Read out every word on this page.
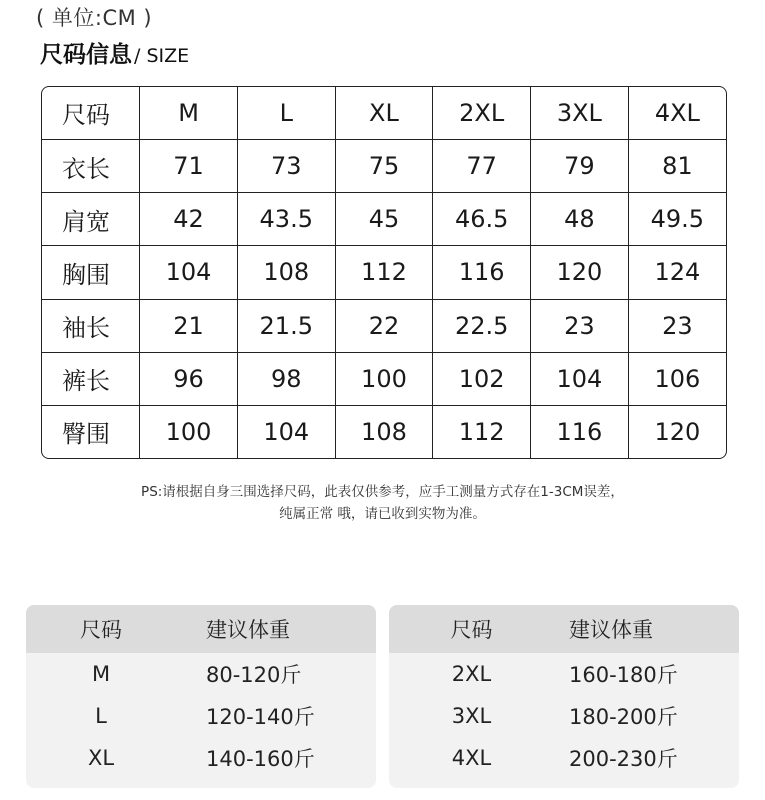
( 单位:CM )
尺码信息 / SIZE
尺码	M	L	XL	2XL	3XL	4XL
衣长	71	73	75	77	79	81
肩宽	42	43.5	45	46.5	48	49.5
胸围	104	108	112	116	120	124
袖长	21	21.5	22	22.5	23	23
裤长	96	98	100	102	104	106
臀围	100	104	108	112	116	120
PS:请根据自身三围选择尺码，此表仅供参考，应手工测量方式存在1-3CM误差，
纯属正常 哦，请已收到实物为准。
尺码	建议体重
M	80-120斤
L	120-140斤
XL	140-160斤
尺码	建议体重
2XL	160-180斤
3XL	180-200斤
4XL	200-230斤
